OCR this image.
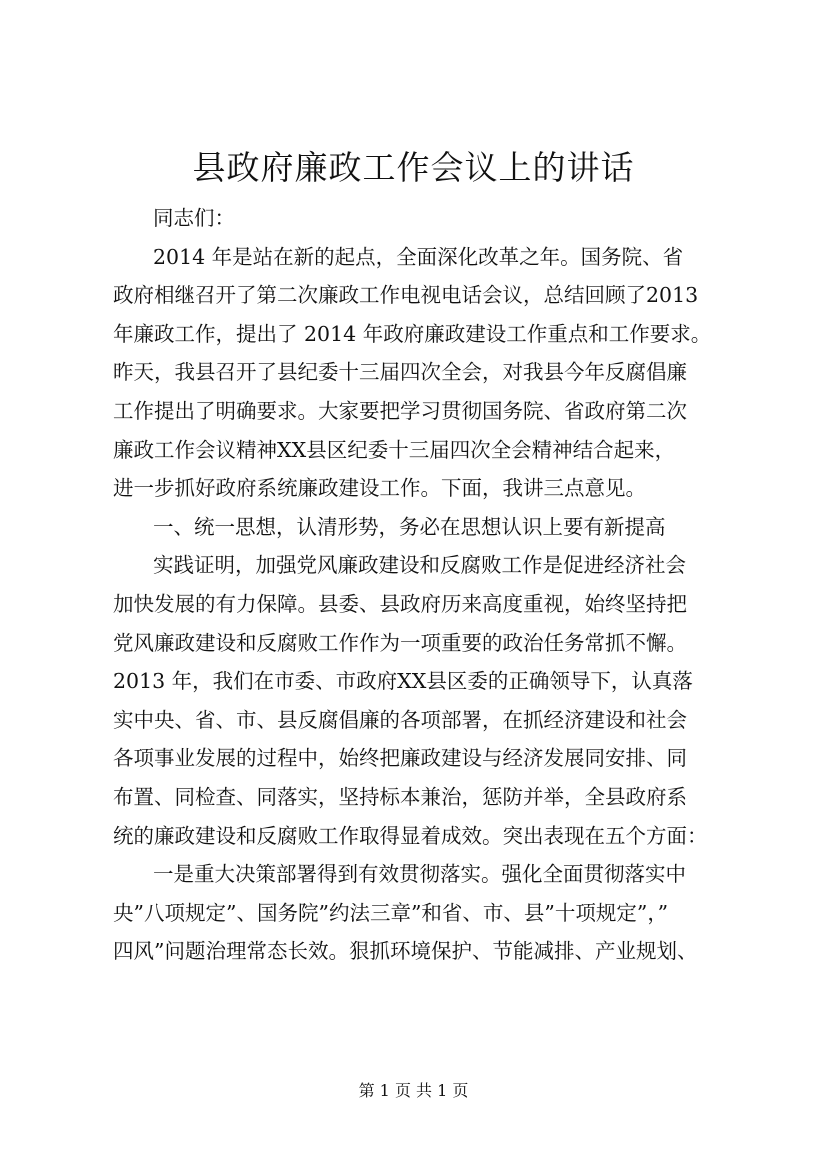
县政府廉政工作会议上的讲话

同志们：

2014 年是站在新的起点，全面深化改革之年。国务院、省
政府相继召开了第二次廉政工作电视电话会议，总结回顾了2013
年廉政工作，提出了 2014 年政府廉政建设工作重点和工作要求。
昨天，我县召开了县纪委十三届四次全会，对我县今年反腐倡廉
工作提出了明确要求。大家要把学习贯彻国务院、省政府第二次
廉政工作会议精神XX县区纪委十三届四次全会精神结合起来，
进一步抓好政府系统廉政建设工作。下面，我讲三点意见。

一、统一思想，认清形势，务必在思想认识上要有新提高

实践证明，加强党风廉政建设和反腐败工作是促进经济社会
加快发展的有力保障。县委、县政府历来高度重视，始终坚持把
党风廉政建设和反腐败工作作为一项重要的政治任务常抓不懈。
2013 年，我们在市委、市政府XX县区委的正确领导下，认真落
实中央、省、市、县反腐倡廉的各项部署，在抓经济建设和社会
各项事业发展的过程中，始终把廉政建设与经济发展同安排、同
布置、同检查、同落实，坚持标本兼治，惩防并举，全县政府系
统的廉政建设和反腐败工作取得显着成效。突出表现在五个方面：

一是重大决策部署得到有效贯彻落实。强化全面贯彻落实中
央”八项规定”、国务院”约法三章”和省、市、县”十项规定”，”
四风”问题治理常态长效。狠抓环境保护、节能减排、产业规划、

第 1 页 共 1 页
